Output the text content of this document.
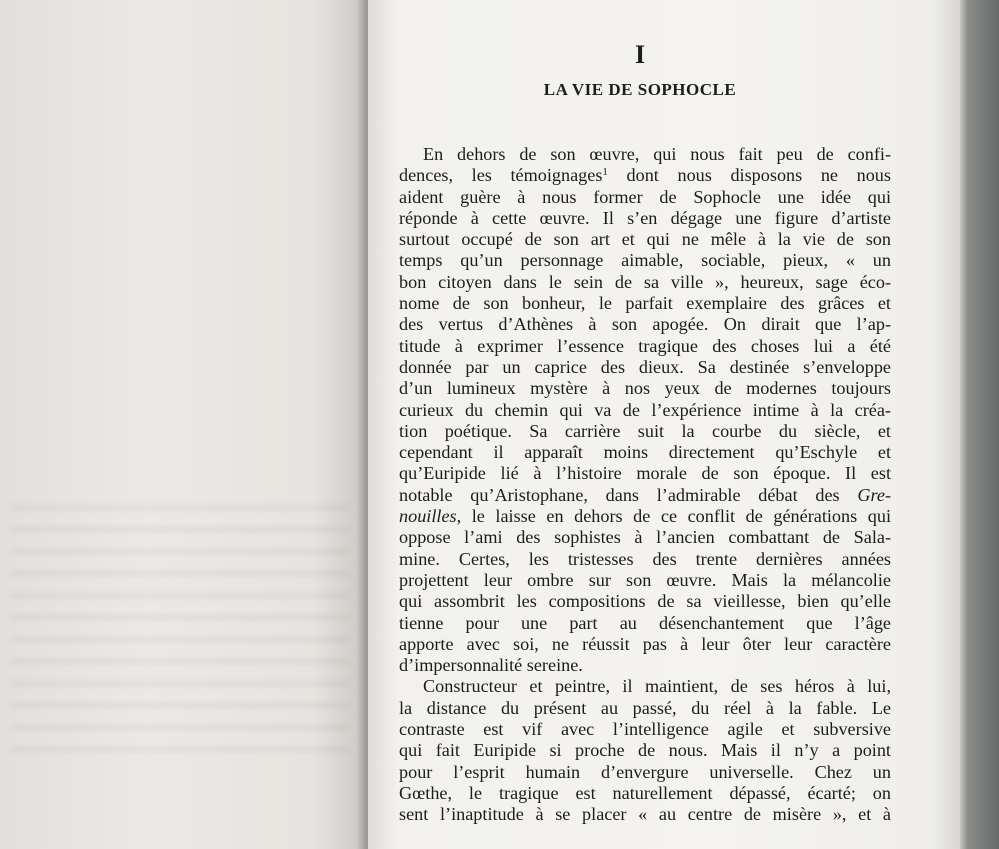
I
LA VIE DE SOPHOCLE

En dehors de son œuvre, qui nous fait peu de confi-
dences, les témoignages$^1$ dont nous disposons ne nous
aident guère à nous former de Sophocle une idée qui
réponde à cette œuvre. Il s’en dégage une figure d’artiste
surtout occupé de son art et qui ne mêle à la vie de son
temps qu’un personnage aimable, sociable, pieux, « un
bon citoyen dans le sein de sa ville », heureux, sage éco-
nome de son bonheur, le parfait exemplaire des grâces et
des vertus d’Athènes à son apogée. On dirait que l’ap-
titude à exprimer l’essence tragique des choses lui a été
donnée par un caprice des dieux. Sa destinée s’enveloppe
d’un lumineux mystère à nos yeux de modernes toujours
curieux du chemin qui va de l’expérience intime à la créa-
tion poétique. Sa carrière suit la courbe du siècle, et
cependant il apparaît moins directement qu’Eschyle et
qu’Euripide lié à l’histoire morale de son époque. Il est
notable qu’Aristophane, dans l’admirable débat des Gre-
nouilles, le laisse en dehors de ce conflit de générations qui
oppose l’ami des sophistes à l’ancien combattant de Sala-
mine. Certes, les tristesses des trente dernières années
projettent leur ombre sur son œuvre. Mais la mélancolie
qui assombrit les compositions de sa vieillesse, bien qu’elle
tienne pour une part au désenchantement que l’âge
apporte avec soi, ne réussit pas à leur ôter leur caractère
d’impersonnalité sereine.

Constructeur et peintre, il maintient, de ses héros à lui,
la distance du présent au passé, du réel à la fable. Le
contraste est vif avec l’intelligence agile et subversive
qui fait Euripide si proche de nous. Mais il n’y a point
pour l’esprit humain d’envergure universelle. Chez un
Gœthe, le tragique est naturellement dépassé, écarté; on
sent l’inaptitude à se placer « au centre de misère », et à
